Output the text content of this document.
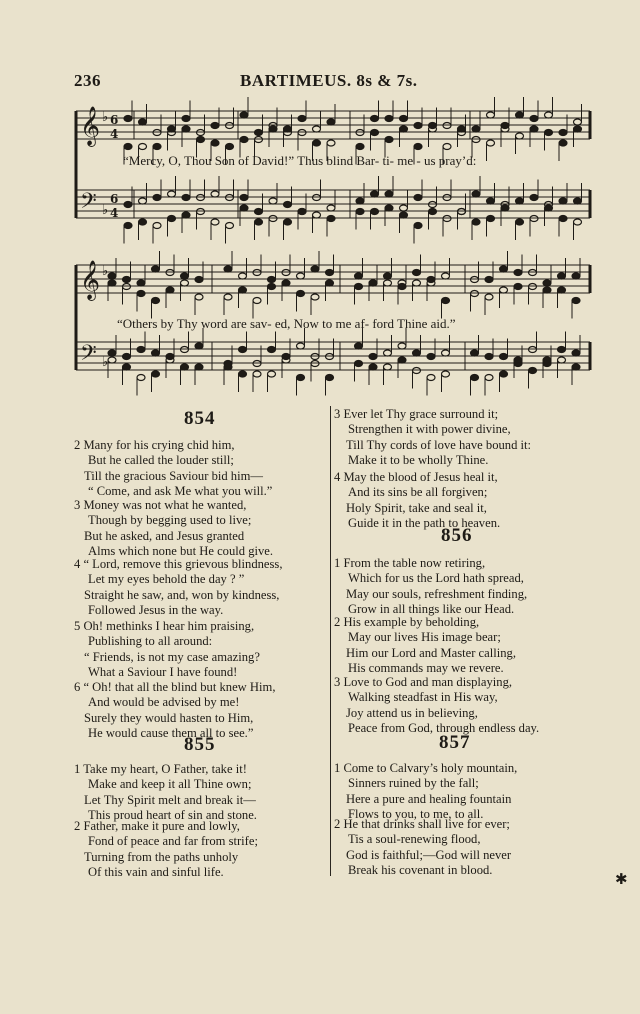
236	BARTIMEUS. 8s & 7s.
𝄞 ♭ 6
4
𝄢 ♭
6
4
𝄞 ♭
𝄢 ♭
“Mercy, O, Thou Son of David!” Thus blind Bar- ti- me - us pray’d:
“Others by Thy word are sav- ed, Now to me af- ford Thine aid.”
854
2 Many for his crying chid him,
But he called the louder still;
Till the gracious Saviour bid him—
“ Come, and ask Me what you will.”
3 Money was not what he wanted,
Though by begging used to live;
But he asked, and Jesus granted
Alms which none but He could give.
4 “ Lord, remove this grievous blindness,
Let my eyes behold the day ? ”
Straight he saw, and, won by kindness,
Followed Jesus in the way.
5 Oh! methinks I hear him praising,
Publishing to all around:
“ Friends, is not my case amazing?
What a Saviour I have found!
6 “ Oh! that all the blind but knew Him,
And would be advised by me!
Surely they would hasten to Him,
He would cause them all to see.”
855
1 Take my heart, O Father, take it!
Make and keep it all Thine own;
Let Thy Spirit melt and break it—
This proud heart of sin and stone.
2 Father, make it pure and lowly,
Fond of peace and far from strife;
Turning from the paths unholy
Of this vain and sinful life.
3 Ever let Thy grace surround it;
Strengthen it with power divine,
Till Thy cords of love have bound it:
Make it to be wholly Thine.
4 May the blood of Jesus heal it,
And its sins be all forgiven;
Holy Spirit, take and seal it,
Guide it in the path to heaven.
856
1 From the table now retiring,
Which for us the Lord hath spread,
May our souls, refreshment finding,
Grow in all things like our Head.
2 His example by beholding,
May our lives His image bear;
Him our Lord and Master calling,
His commands may we revere.
3 Love to God and man displaying,
Walking steadfast in His way,
Joy attend us in believing,
Peace from God, through endless day.
857
1 Come to Calvary’s holy mountain,
Sinners ruined by the fall;
Here a pure and healing fountain
Flows to you, to me, to all.
2 He that drinks shall live for ever;
Tis a soul-renewing flood,
God is faithful;—God will never
Break his covenant in blood.
✱
